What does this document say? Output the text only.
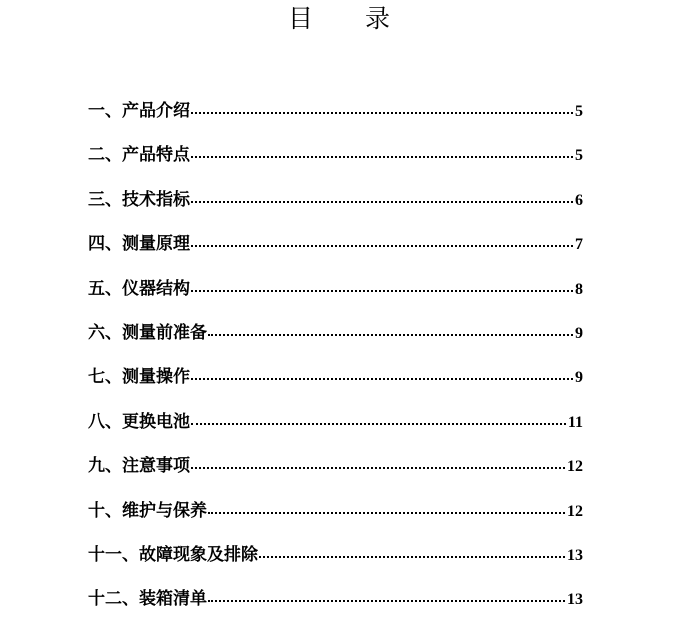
目 录
一、产品介绍	5
二、产品特点	5
三、技术指标	6
四、测量原理	7
五、仪器结构	8
六、测量前准备	9
七、测量操作	9
八、更换电池	11
九、注意事项	12
十、维护与保养	12
十一、故障现象及排除	13
十二、装箱清单	13
